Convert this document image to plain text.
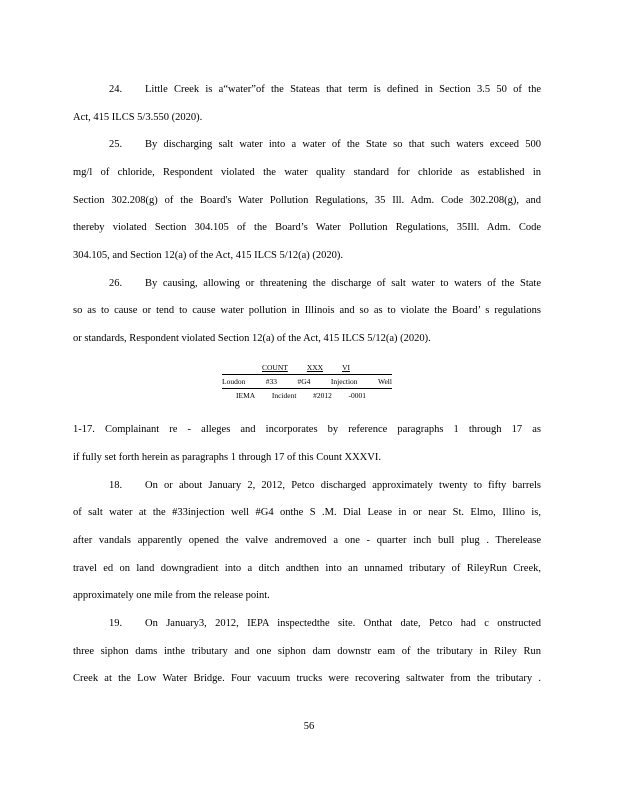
24. Little Creek is a“water”of the Stateas that term is defined in Section 3.5 50 of the
Act, 415 ILCS 5/3.550 (2020).
25. By discharging salt water into a water of the State so that such waters exceed 500
mg/l of chloride, Respondent violated the water quality standard for chloride as established in
Section 302.208(g) of the Board's Water Pollution Regulations, 35 Ill. Adm. Code 302.208(g), and
thereby violated Section 304.105 of the Board’s Water Pollution Regulations, 35Ill. Adm. Code
304.105, and Section 12(a) of the Act, 415 ILCS 5/12(a) (2020).
26. By causing, allowing or threatening the discharge of salt water to waters of the State
so as to cause or tend to cause water pollution in Illinois and so as to violate the Board’ s regulations
or standards, Respondent violated Section 12(a) of the Act, 415 ILCS 5/12(a) (2020).
COUNT	XXX	VI
Loudon	#33	#G4	Injection	Well
IEMA Incident #2012 -0001
1-17. Complainant re - alleges and incorporates by reference paragraphs 1 through 17 as
if fully set forth herein as paragraphs 1 through 17 of this Count XXXVI.
18. On or about January 2, 2012, Petco discharged approximately twenty to fifty barrels
of salt water at the #33injection well #G4 onthe S .M. Dial Lease in or near St. Elmo, Illino is,
after vandals apparently opened the valve andremoved a one - quarter inch bull plug . Therelease
travel ed on land downgradient into a ditch andthen into an unnamed tributary of RileyRun Creek,
approximately one mile from the release point.
19. On January3, 2012, IEPA inspectedthe site. Onthat date, Petco had c onstructed
three siphon dams inthe tributary and one siphon dam downstr eam of the tributary in Riley Run
Creek at the Low Water Bridge. Four vacuum trucks were recovering saltwater from the tributary .
56
